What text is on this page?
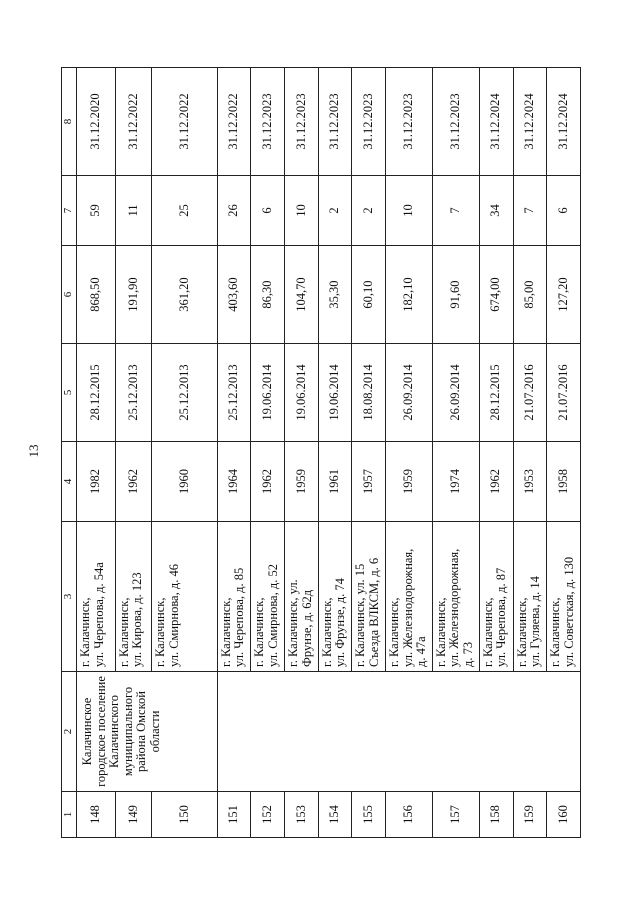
13
1	2	3	4	5	6	7	8
148	Калачинское городское поселение Калачинского муниципального района Омской области	г. Калачинск, ул. Черепова, д. 54а	1982	28.12.2015	868,50	59	31.12.2020
149		г. Калачинск, ул. Кирова, д. 123	1962	25.12.2013	191,90	11	31.12.2022
150		г. Калачинск, ул. Смирнова, д. 46	1960	25.12.2013	361,20	25	31.12.2022
151		г. Калачинск, ул. Черепова, д. 85	1964	25.12.2013	403,60	26	31.12.2022
152		г. Калачинск, ул. Смирнова, д. 52	1962	19.06.2014	86,30	6	31.12.2023
153		г. Калачинск, ул. Фрунзе, д. 62д	1959	19.06.2014	104,70	10	31.12.2023
154		г. Калачинск, ул. Фрунзе, д. 74	1961	19.06.2014	35,30	2	31.12.2023
155		г. Калачинск, ул. 15 Съезда ВЛКСМ, д. 6	1957	18.08.2014	60,10	2	31.12.2023
156		г. Калачинск, ул. Железнодорожная, д. 47а	1959	26.09.2014	182,10	10	31.12.2023
157		г. Калачинск, ул. Железнодорожная, д. 73	1974	26.09.2014	91,60	7	31.12.2023
158		г. Калачинск, ул. Черепова, д. 87	1962	28.12.2015	674,00	34	31.12.2024
159		г. Калачинск, ул. Гуляева, д. 14	1953	21.07.2016	85,00	7	31.12.2024
160		г. Калачинск, ул. Советская, д. 130	1958	21.07.2016	127,20	6	31.12.2024
